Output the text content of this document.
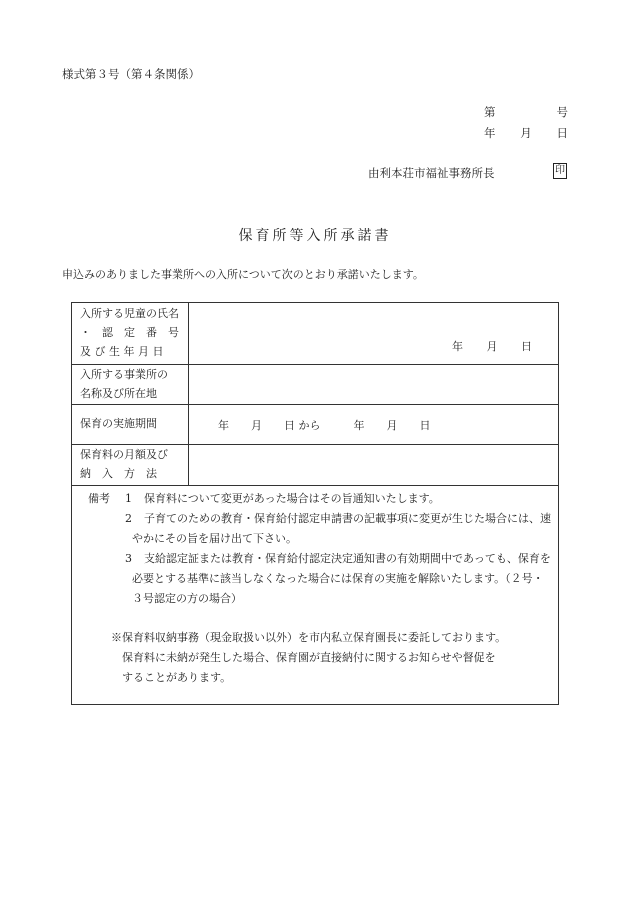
様式第３号（第４条関係）
第	号
年 月 日
由利本荘市福祉事務所長	印
保育所等入所承諾書
申込みのありました事業所への入所について次のとおり承諾いたします。
入所する児童の氏名
・　認　定　番　号
及 び 生 年 月 日	年 月 日
入所する事業所の
名称及び所在地
保育の実施期間	年　　月　　日 から　　　年　　月　　日
保育料の月額及び
納　入　方　法
備考 1 保育料について変更があった場合はその旨通知いたします。
2 子育てのための教育・保育給付認定申請書の記載事項に変更が生じた場合には、速
やかにその旨を届け出て下さい。
3 支給認定証または教育・保育給付認定決定通知書の有効期間中であっても、保育を
必要とする基準に該当しなくなった場合には保育の実施を解除いたします。（２号・
３号認定の方の場合）
※保育料収納事務（現金取扱い以外）を市内私立保育園長に委託しております。
保育料に未納が発生した場合、保育園が直接納付に関するお知らせや督促を
することがあります。
